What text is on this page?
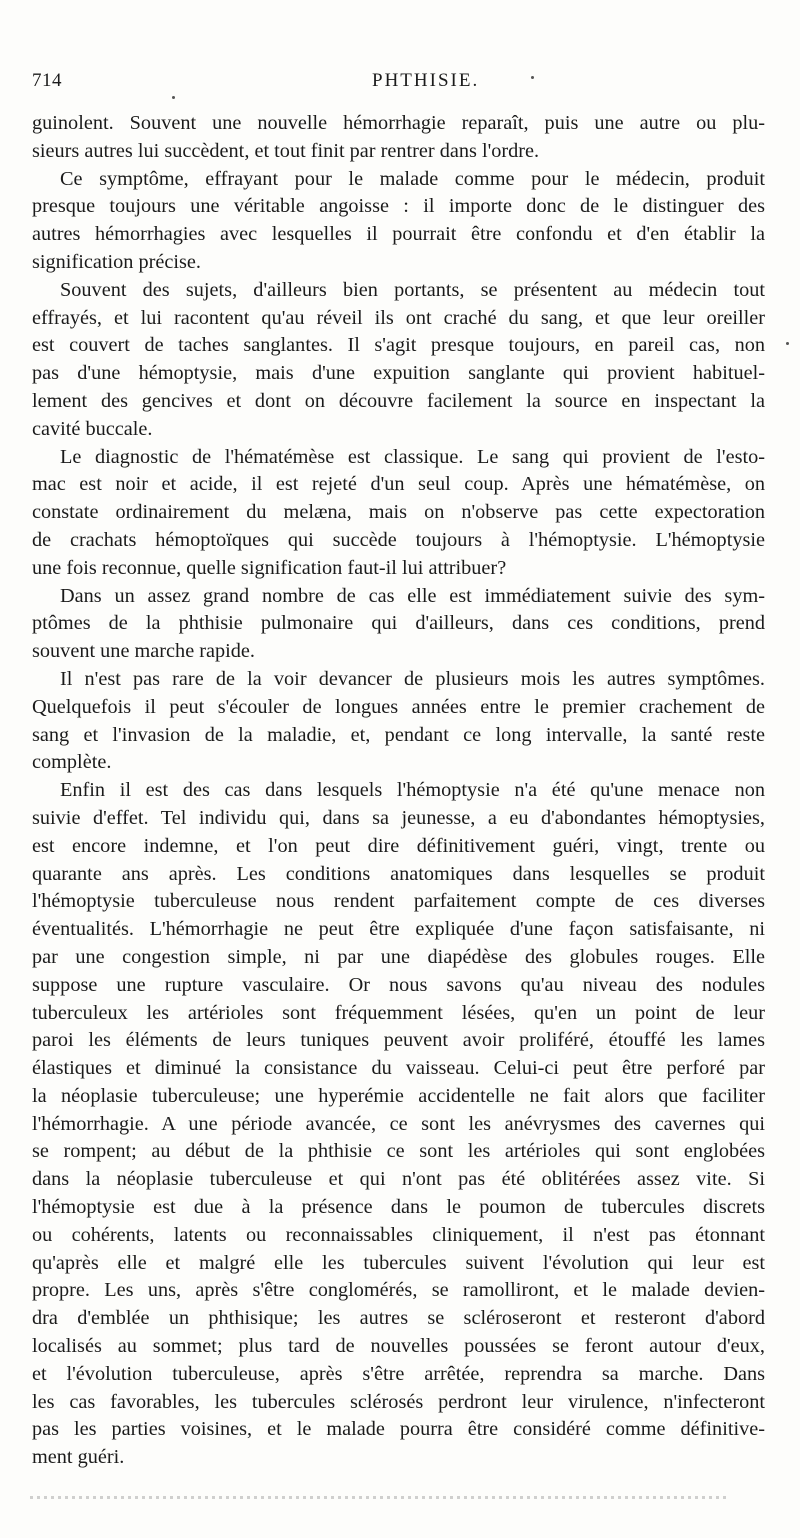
714	PHTHISIE.
guinolent. Souvent une nouvelle hémorrhagie reparaît, puis une autre ou plu-
sieurs autres lui succèdent, et tout finit par rentrer dans l'ordre.
Ce symptôme, effrayant pour le malade comme pour le médecin, produit
presque toujours une véritable angoisse : il importe donc de le distinguer des
autres hémorrhagies avec lesquelles il pourrait être confondu et d'en établir la
signification précise.
Souvent des sujets, d'ailleurs bien portants, se présentent au médecin tout
effrayés, et lui racontent qu'au réveil ils ont craché du sang, et que leur oreiller
est couvert de taches sanglantes. Il s'agit presque toujours, en pareil cas, non
pas d'une hémoptysie, mais d'une expuition sanglante qui provient habituel-
lement des gencives et dont on découvre facilement la source en inspectant la
cavité buccale.
Le diagnostic de l'hématémèse est classique. Le sang qui provient de l'esto-
mac est noir et acide, il est rejeté d'un seul coup. Après une hématémèse, on
constate ordinairement du melæna, mais on n'observe pas cette expectoration
de crachats hémoptoïques qui succède toujours à l'hémoptysie. L'hémoptysie
une fois reconnue, quelle signification faut-il lui attribuer?
Dans un assez grand nombre de cas elle est immédiatement suivie des sym-
ptômes de la phthisie pulmonaire qui d'ailleurs, dans ces conditions, prend
souvent une marche rapide.
Il n'est pas rare de la voir devancer de plusieurs mois les autres symptômes.
Quelquefois il peut s'écouler de longues années entre le premier crachement de
sang et l'invasion de la maladie, et, pendant ce long intervalle, la santé reste
complète.
Enfin il est des cas dans lesquels l'hémoptysie n'a été qu'une menace non
suivie d'effet. Tel individu qui, dans sa jeunesse, a eu d'abondantes hémoptysies,
est encore indemne, et l'on peut dire définitivement guéri, vingt, trente ou
quarante ans après. Les conditions anatomiques dans lesquelles se produit
l'hémoptysie tuberculeuse nous rendent parfaitement compte de ces diverses
éventualités. L'hémorrhagie ne peut être expliquée d'une façon satisfaisante, ni
par une congestion simple, ni par une diapédèse des globules rouges. Elle
suppose une rupture vasculaire. Or nous savons qu'au niveau des nodules
tuberculeux les artérioles sont fréquemment lésées, qu'en un point de leur
paroi les éléments de leurs tuniques peuvent avoir proliféré, étouffé les lames
élastiques et diminué la consistance du vaisseau. Celui-ci peut être perforé par
la néoplasie tuberculeuse; une hyperémie accidentelle ne fait alors que faciliter
l'hémorrhagie. A une période avancée, ce sont les anévrysmes des cavernes qui
se rompent; au début de la phthisie ce sont les artérioles qui sont englobées
dans la néoplasie tuberculeuse et qui n'ont pas été oblitérées assez vite. Si
l'hémoptysie est due à la présence dans le poumon de tubercules discrets
ou cohérents, latents ou reconnaissables cliniquement, il n'est pas étonnant
qu'après elle et malgré elle les tubercules suivent l'évolution qui leur est
propre. Les uns, après s'être conglomérés, se ramolliront, et le malade devien-
dra d'emblée un phthisique; les autres se scléroseront et resteront d'abord
localisés au sommet; plus tard de nouvelles poussées se feront autour d'eux,
et l'évolution tuberculeuse, après s'être arrêtée, reprendra sa marche. Dans
les cas favorables, les tubercules sclérosés perdront leur virulence, n'infecteront
pas les parties voisines, et le malade pourra être considéré comme définitive-
ment guéri.
